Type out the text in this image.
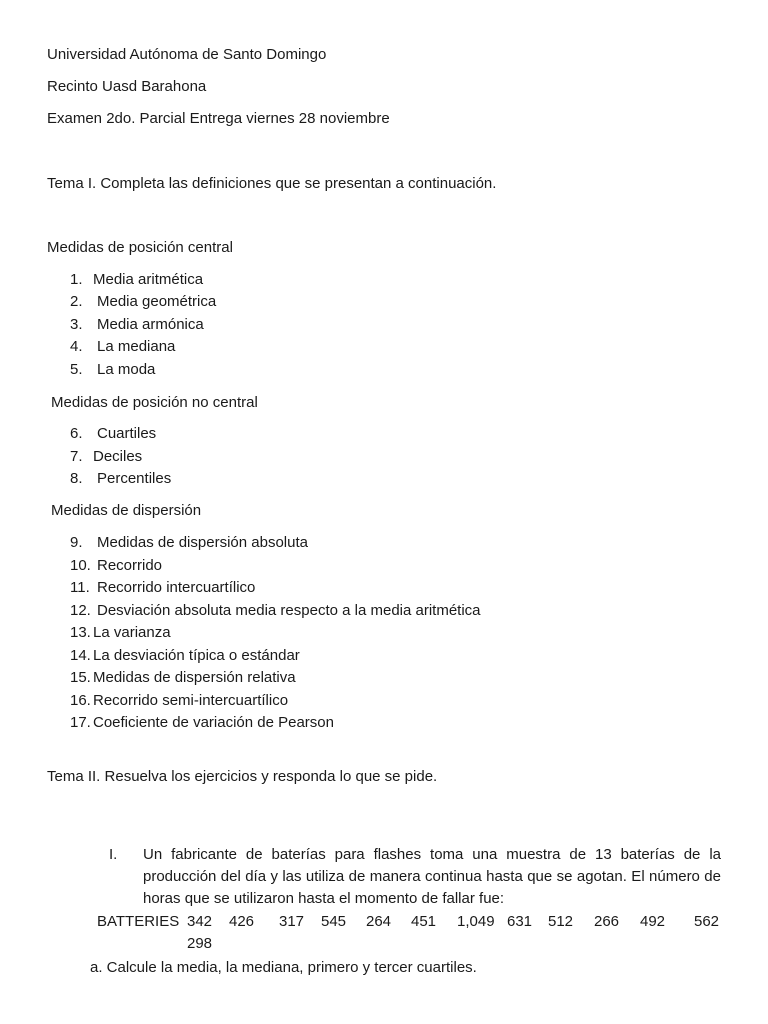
Universidad Autónoma de Santo Domingo
Recinto Uasd Barahona
Examen 2do. Parcial Entrega viernes 28 noviembre
Tema I. Completa las definiciones que se presentan a continuación.
Medidas de posición central
1. Media aritmética
2. Media geométrica
3. Media armónica
4. La mediana
5. La moda
Medidas de posición no central
6. Cuartiles
7. Deciles
8. Percentiles
Medidas de dispersión
9. Medidas de dispersión absoluta
10. Recorrido
11. Recorrido intercuartílico
12. Desviación absoluta media respecto a la media aritmética
13. La varianza
14. La desviación típica o estándar
15. Medidas de dispersión relativa
16. Recorrido semi-intercuartílico
17. Coeficiente de variación de Pearson
Tema II. Resuelva los ejercicios y responda lo que se pide.
I. Un fabricante de baterías para flashes toma una muestra de 13 baterías de la producción del día y las utiliza de manera continua hasta que se agotan. El número de horas que se utilizaron hasta el momento de fallar fue:
BATTERIES 342 426 317 545 264 451 1,049 631 512 266 492 562
298
a. Calcule la media, la mediana, primero y tercer cuartiles.
